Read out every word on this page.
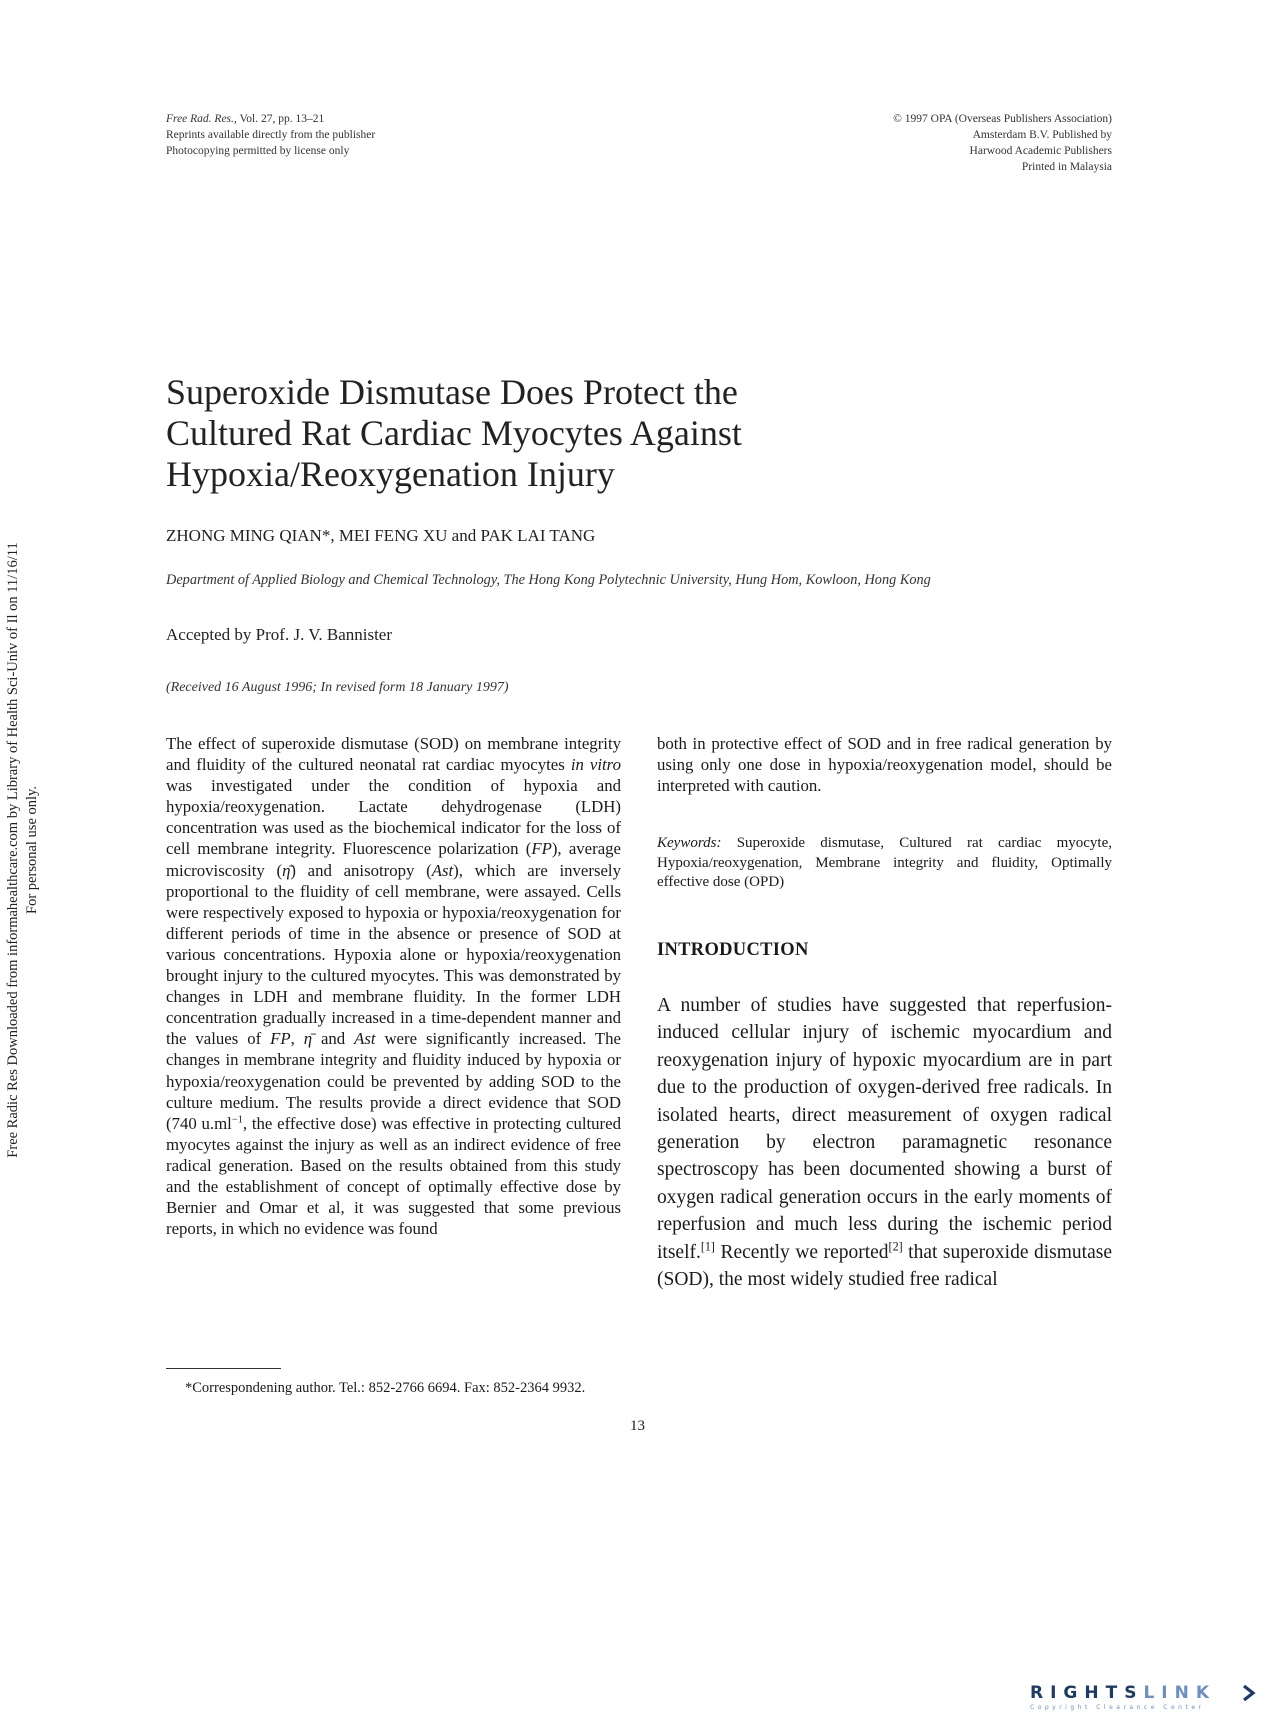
Free Rad. Res., Vol. 27, pp. 13–21
Reprints available directly from the publisher
Photocopying permitted by license only
© 1997 OPA (Overseas Publishers Association)
Amsterdam B.V. Published by
Harwood Academic Publishers
Printed in Malaysia
Superoxide Dismutase Does Protect the
Cultured Rat Cardiac Myocytes Against
Hypoxia/Reoxygenation Injury
ZHONG MING QIAN*, MEI FENG XU and PAK LAI TANG
Department of Applied Biology and Chemical Technology, The Hong Kong Polytechnic University, Hung Hom, Kowloon, Hong Kong
Accepted by Prof. J. V. Bannister
(Received 16 August 1996; In revised form 18 January 1997)
The effect of superoxide dismutase (SOD) on membrane integrity and fluidity of the cultured neonatal rat cardiac myocytes in vitro was investigated under the condition of hypoxia and hypoxia/reoxygenation. Lactate dehydrogenase (LDH) concentration was used as the biochemical indicator for the loss of cell membrane integrity. Fluorescence polarization (FP), average microviscosity (η̄) and anisotropy (Ast), which are inversely proportional to the fluidity of cell membrane, were assayed. Cells were respectively exposed to hypoxia or hypoxia/reoxygenation for different periods of time in the absence or presence of SOD at various concentrations. Hypoxia alone or hypoxia/reoxygenation brought injury to the cultured myocytes. This was demonstrated by changes in LDH and membrane fluidity. In the former LDH concentration gradually increased in a time-dependent manner and the values of FP, η̄ and Ast were significantly increased. The changes in membrane integrity and fluidity induced by hypoxia or hypoxia/reoxygenation could be prevented by adding SOD to the culture medium. The results provide a direct evidence that SOD (740 $u.ml^{-1}$, the effective dose) was effective in protecting cultured myocytes against the injury as well as an indirect evidence of free radical generation. Based on the results obtained from this study and the establishment of concept of optimally effective dose by Bernier and Omar et al, it was suggested that some previous reports, in which no evidence was found
both in protective effect of SOD and in free radical generation by using only one dose in hypoxia/reoxygenation model, should be interpreted with caution.
Keywords: Superoxide dismutase, Cultured rat cardiac myocyte, Hypoxia/reoxygenation, Membrane integrity and fluidity, Optimally effective dose (OPD)
INTRODUCTION
A number of studies have suggested that reperfusion-induced cellular injury of ischemic myocardium and reoxygenation injury of hypoxic myocardium are in part due to the production of oxygen-derived free radicals. In isolated hearts, direct measurement of oxygen radical generation by electron paramagnetic resonance spectroscopy has been documented showing a burst of oxygen radical generation occurs in the early moments of reperfusion and much less during the ischemic period itself.[1] Recently we reported[2] that superoxide dismutase (SOD), the most widely studied free radical
*Correspondening author. Tel.: 852-2766 6694. Fax: 852-2364 9932.
13
Free Radic Res Downloaded from informahealthcare.com by Library of Health Sci-Univ of Il on 11/16/11 For personal use only.
RIGHTSLINK
Copyright Clearance Center
